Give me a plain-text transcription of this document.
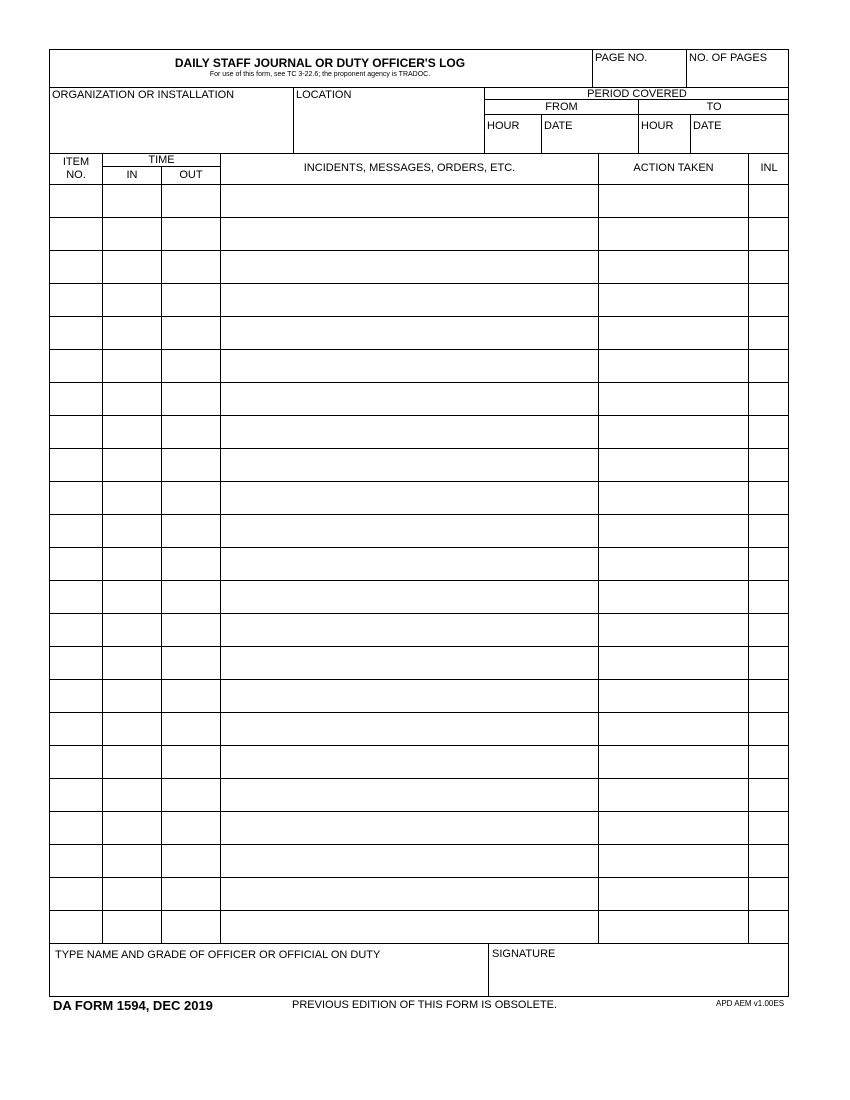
DAILY STAFF JOURNAL OR DUTY OFFICER'S LOG
For use of this form, see TC 3-22.6; the proponent agency is TRADOC.
PAGE NO.	NO. OF PAGES
ORGANIZATION OR INSTALLATION	LOCATION	PERIOD COVERED
FROM	TO
HOUR DATE	HOUR DATE
ITEM
NO.
TIME
IN	OUT
INCIDENTS, MESSAGES, ORDERS, ETC.	ACTION TAKEN	INL
TYPE NAME AND GRADE OF OFFICER OR OFFICIAL ON DUTY	SIGNATURE
DA FORM 1594, DEC 2019	PREVIOUS EDITION OF THIS FORM IS OBSOLETE.	APD AEM v1.00ES
